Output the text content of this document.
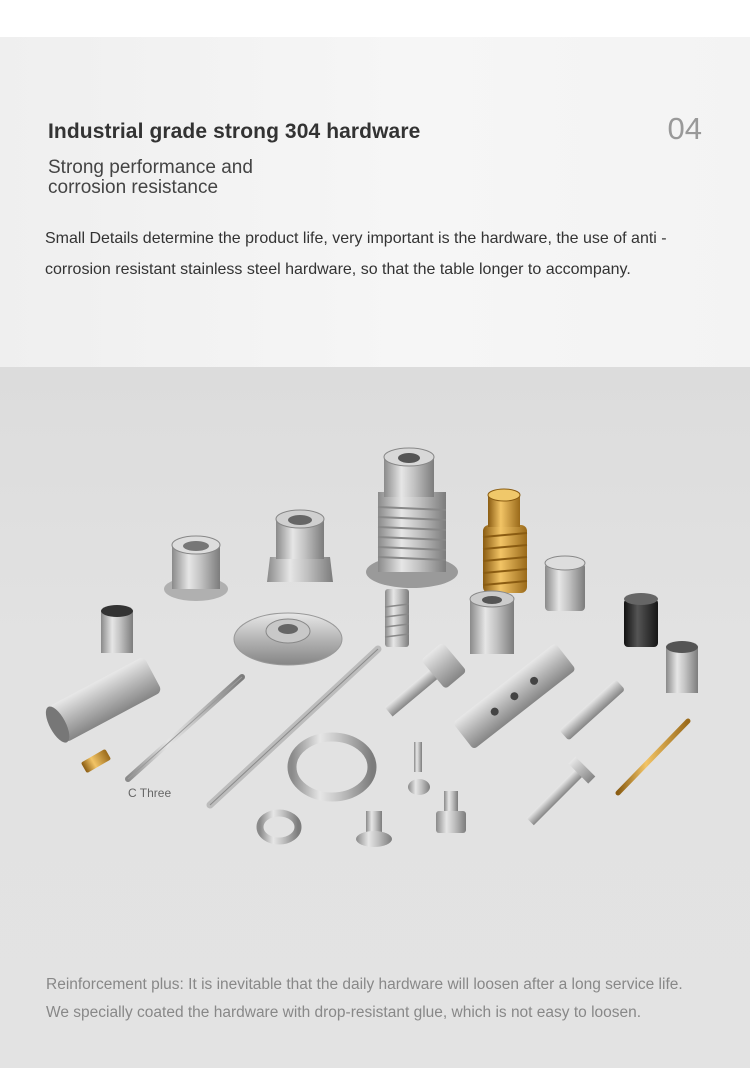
Industrial grade strong 304 hardware	04
Strong performance and corrosion resistance

Small Details determine the product life, very important is the hardware, the use of anti -corrosion resistant stainless steel hardware, so that the table longer to accompany.

C Three

Reinforcement plus: It is inevitable that the daily hardware will loosen after a long service life. We specially coated the hardware with drop-resistant glue, which is not easy to loosen.
